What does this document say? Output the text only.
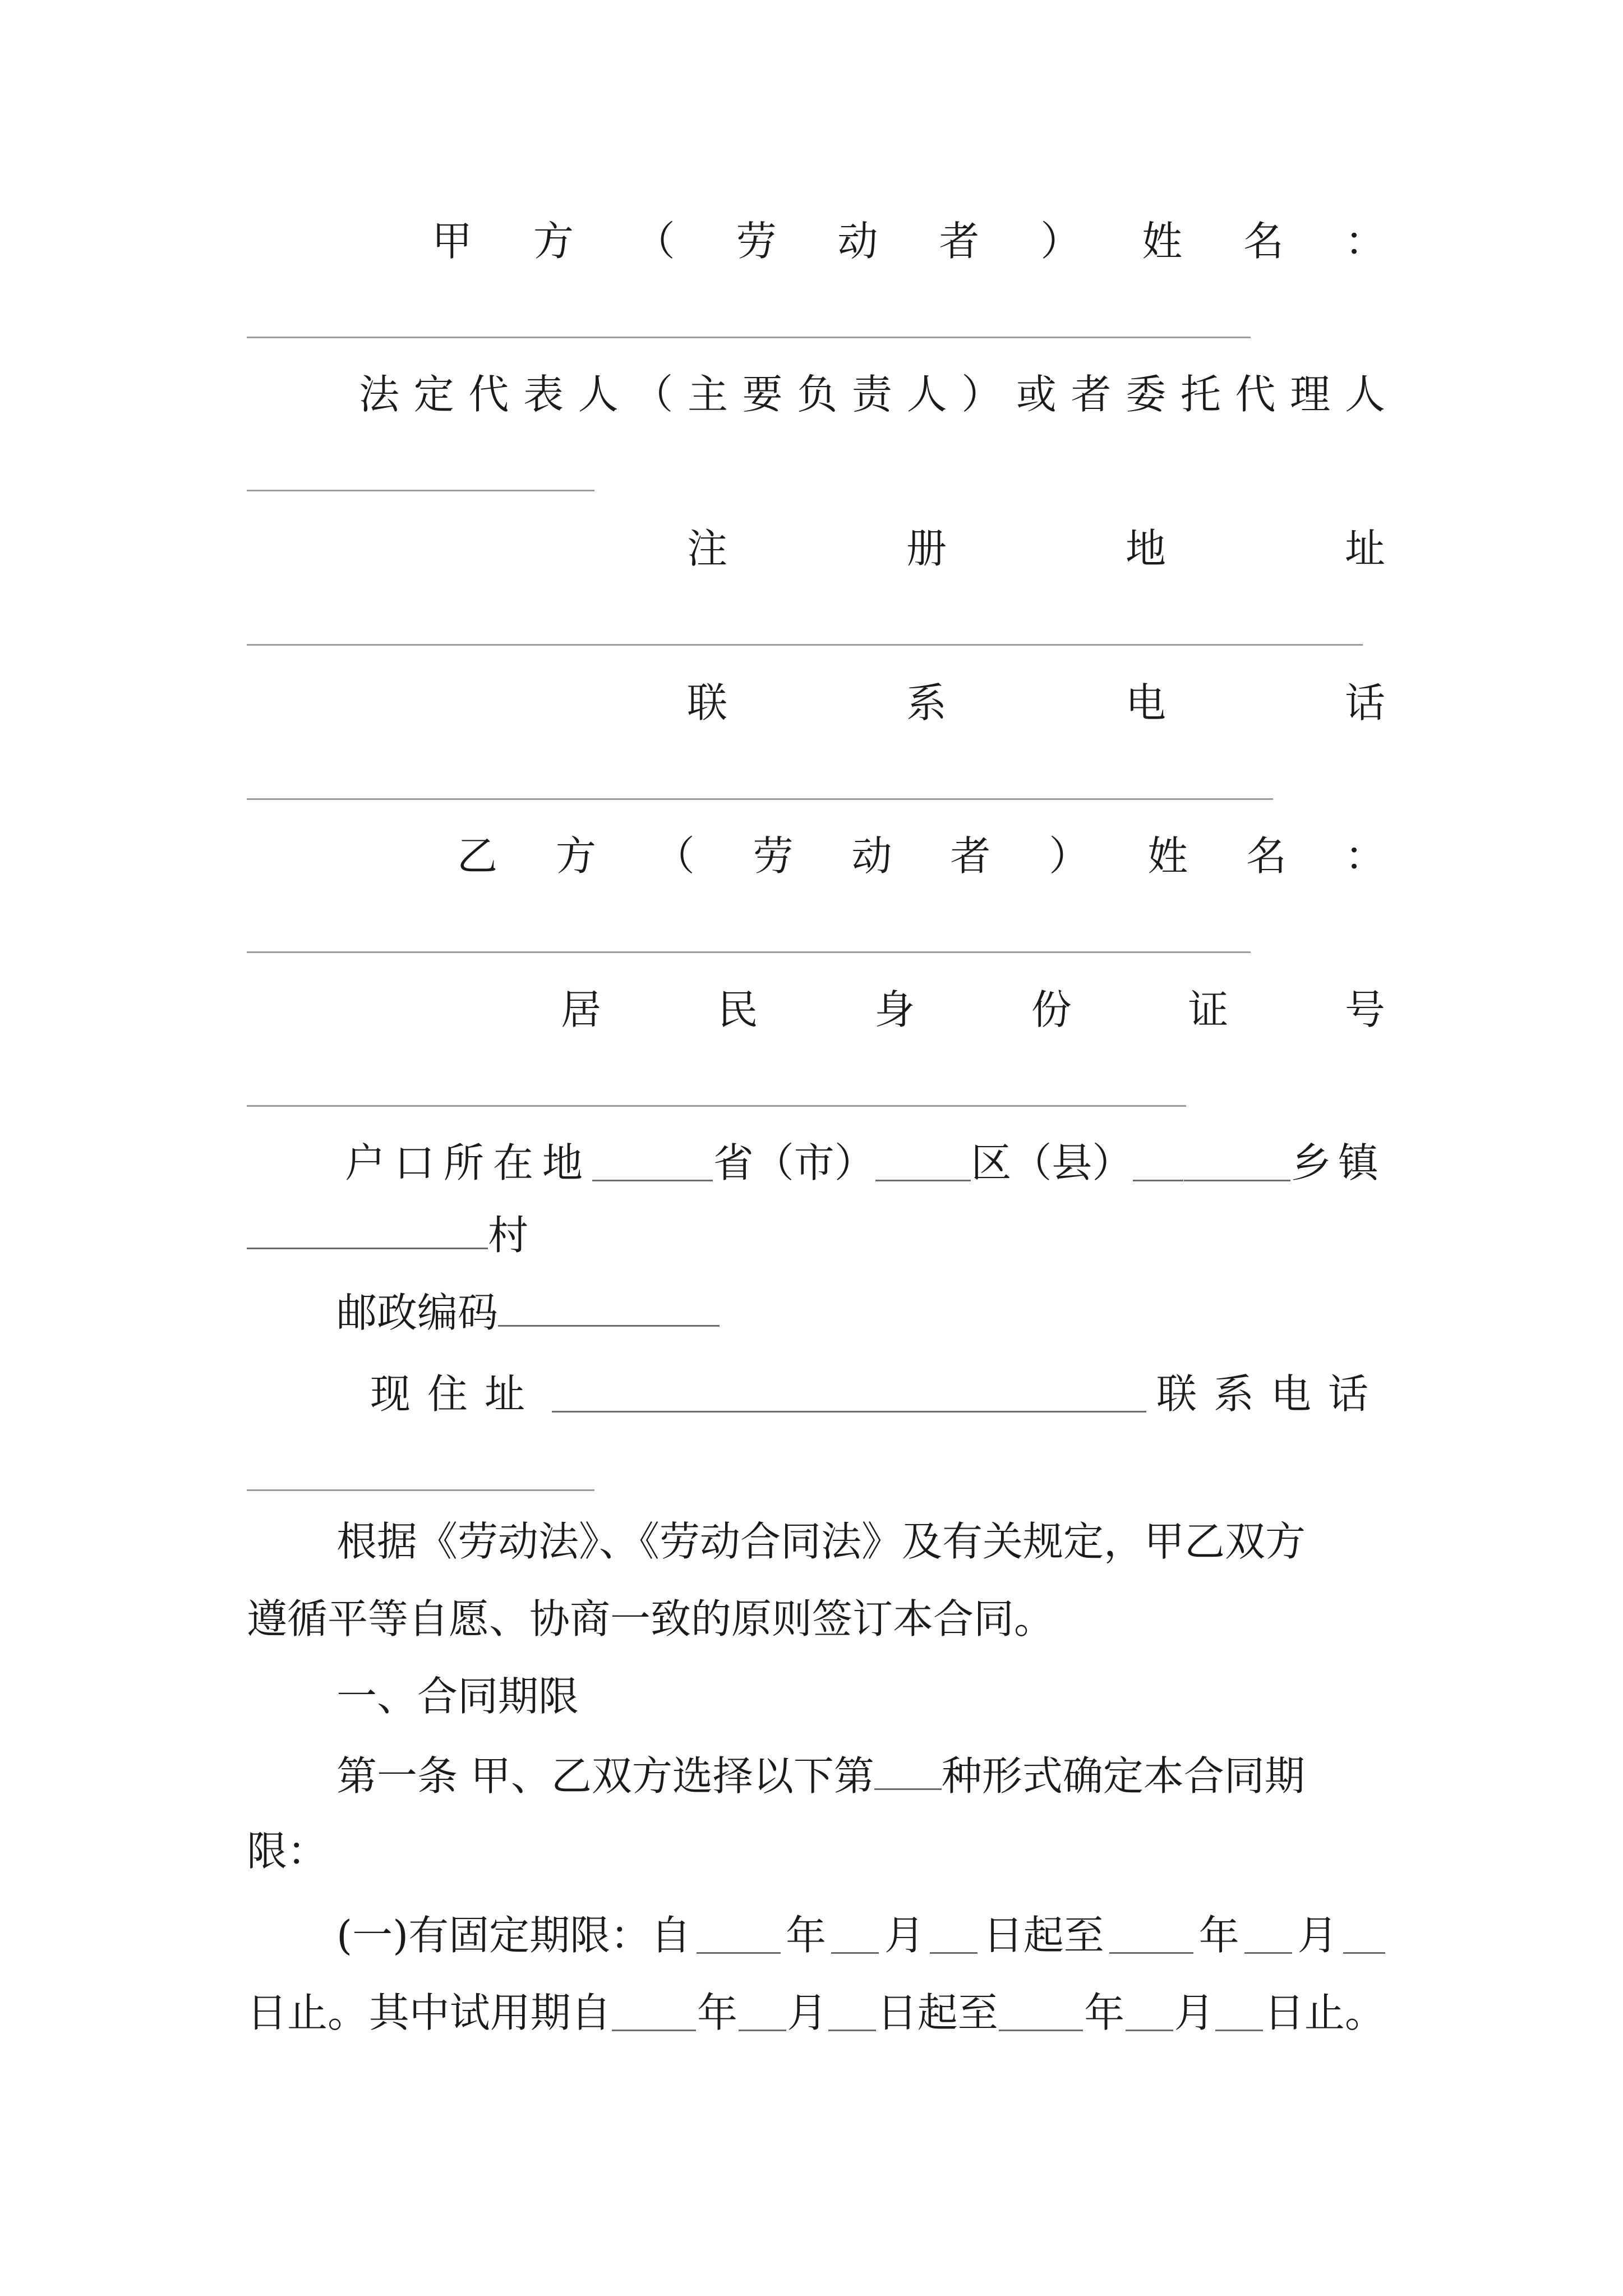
甲 方 （ 劳 动 者 ） 姓 名 ：
法 定 代 表 人 （ 主 要 负 责 人 ） 或 者 委 托 代 理 人
注	册	地	址
联	系	电	话
乙 方 （ 劳 动 者 ） 姓 名 ：
居	民	身	份	证	号
户口所在地	省（市） 区（县）	乡镇
村
邮政编码
现住址	联系电话
根据《劳动法》、《劳动合同法》及有关规定，甲乙双方
遵循平等自愿、协商一致的原则签订本合同。
一、合同期限
第一条 甲、乙双方选择以下第 种形式确定本合同期
限：
(一)有固定期限：自 年 月 日起至 年 月
日止。 其中试用期自 年 月 日起至 年 月 日止。
